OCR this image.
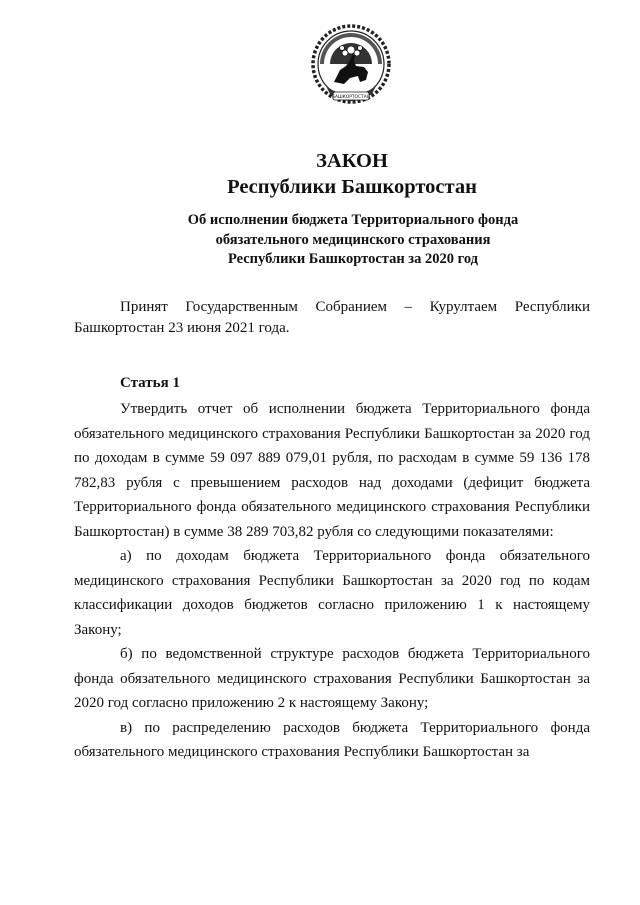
БАШКОРТОСТАН
ЗАКОН
Республики Башкортостан
Об исполнении бюджета Территориального фонда
обязательного медицинского страхования
Республики Башкортостан за 2020 год

Принят Государственным Собранием – Курултаем Республики Башкортостан 23 июня 2021 года.

Статья 1

Утвердить отчет об исполнении бюджета Территориального фонда обязательного медицинского страхования Республики Башкортостан за 2020 год по доходам в сумме 59 097 889 079,01 рубля, по расходам в сумме 59 136 178 782,83 рубля с превышением расходов над доходами (дефицит бюджета Территориального фонда обязательного медицинского страхования Республики Башкортостан) в сумме 38 289 703,82 рубля со следующими показателями:

а) по доходам бюджета Территориального фонда обязательного медицинского страхования Республики Башкортостан за 2020 год по кодам классификации доходов бюджетов согласно приложению 1 к настоящему Закону;

б) по ведомственной структуре расходов бюджета Территориального фонда обязательного медицинского страхования Республики Башкортостан за 2020 год согласно приложению 2 к настоящему Закону;

в) по распределению расходов бюджета Территориального фонда обязательного медицинского страхования Республики Башкортостан за
